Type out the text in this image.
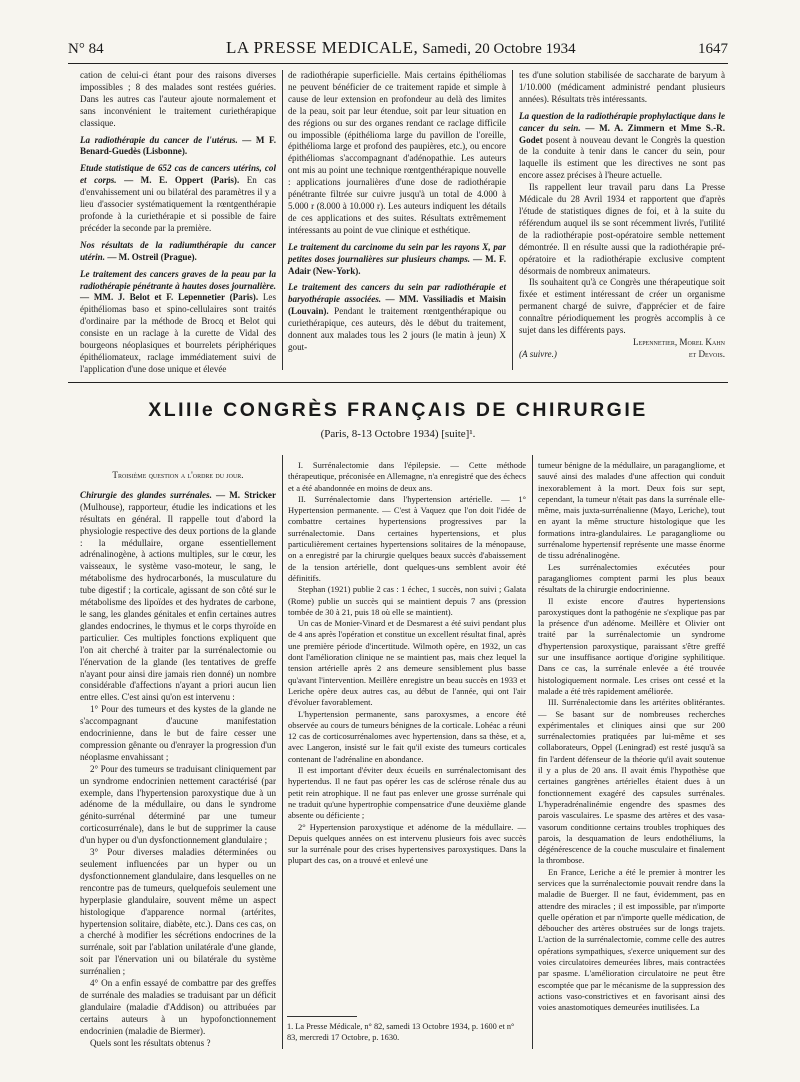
N° 84	LA PRESSE MEDICALE, Samedi, 20 Octobre 1934	1647

cation de celui-ci étant pour des raisons diverses impossibles ; 8 des malades sont restées guéries. Dans les autres cas l'auteur ajoute normalement et sans inconvénient le traitement curiethérapique classique.

La radiothérapie du cancer de l'utérus. — M F. Benard-Guedès (Lisbonne).

Etude statistique de 652 cas de cancers utérins, col et corps. — M. E. Oppert (Paris). En cas d'envahissement uni ou bilatéral des paramètres il y a lieu d'associer systématiquement la rœntgenthérapie profonde à la curiethérapie et si possible de faire précéder la seconde par la première.

Nos résultats de la radiumthérapie du cancer utérin. — M. Ostreil (Prague).

Le traitement des cancers graves de la peau par la radiothérapie pénétrante à hautes doses journalière. — MM. J. Belot et F. Lepennetier (Paris). Les épithéliomas baso et spino-cellulaires sont traités d'ordinaire par la méthode de Brocq et Belot qui consiste en un raclage à la curette de Vidal des bourgeons néoplasiques et bourrelets périphériques épithéliomateux, raclage immédiatement suivi de l'application d'une dose unique et élevée

de radiothérapie superficielle. Mais certains épithéliomas ne peuvent bénéficier de ce traitement rapide et simple à cause de leur extension en profondeur au delà des limites de la peau, soit par leur étendue, soit par leur situation en des régions ou sur des organes rendant ce raclage difficile ou impossible (épithélioma large du pavillon de l'oreille, épithélioma large et profond des paupières, etc.), ou encore épithéliomas s'accompagnant d'adénopathie. Les auteurs ont mis au point une technique rœntgenthérapique nouvelle : applications journalières d'une dose de radiothérapie pénétrante filtrée sur cuivre jusqu'à un total de 4.000 à 5.000 r (8.000 à 10.000 r). Les auteurs indiquent les détails de ces applications et des suites. Résultats extrêmement intéressants au point de vue clinique et esthétique.

Le traitement du carcinome du sein par les rayons X, par petites doses journalières sur plusieurs champs. — M. F. Adair (New-York).

Le traitement des cancers du sein par radiothérapie et baryothérapie associées. — MM. Vassiliadis et Maisin (Louvain). Pendant le traitement rœntgenthérapique ou curiethérapique, ces auteurs, dès le début du traitement, donnent aux malades tous les 2 jours (le matin à jeun) X gout-

tes d'une solution stabilisée de saccharate de baryum à 1/10.000 (médicament administré pendant plusieurs années). Résultats très intéressants.

La question de la radiothérapie prophylactique dans le cancer du sein. — M. A. Zimmern et Mme S.-R. Godet posent à nouveau devant le Congrès la question de la conduite à tenir dans le cancer du sein, pour laquelle ils estiment que les directives ne sont pas encore assez précises à l'heure actuelle.

Ils rappellent leur travail paru dans La Presse Médicale du 28 Avril 1934 et rapportent que d'après l'étude de statistiques dignes de foi, et à la suite du référendum auquel ils se sont récemment livrés, l'utilité de la radiothérapie post-opératoire semble nettement démontrée. Il en résulte aussi que la radiothérapie pré-opératoire et la radiothérapie exclusive comptent désormais de nombreux animateurs.

Ils souhaitent qu'à ce Congrès une thérapeutique soit fixée et estiment intéressant de créer un organisme permanent chargé de suivre, d'apprécier et de faire connaître périodiquement les progrès accomplis à ce sujet dans les différents pays.

Lepennetier, Morel Kahn

(A suivre.)	et Devois.

XLIIIe CONGRÈS FRANÇAIS DE CHIRURGIE
(Paris, 8-13 Octobre 1934) [suite]¹.

Troisième question a l'ordre du jour.

Chirurgie des glandes surrénales. — M. Stricker (Mulhouse), rapporteur, étudie les indications et les résultats en général. Il rappelle tout d'abord la physiologie respective des deux portions de la glande : la médullaire, organe essentiellement adrénalinogène, à actions multiples, sur le cœur, les vaisseaux, le système vaso-moteur, le sang, le métabolisme des hydrocarbonés, la musculature du tube digestif ; la corticale, agissant de son côté sur le métabolisme des lipoïdes et des hydrates de carbone, le sang, les glandes génitales et enfin certaines autres glandes endocrines, le thymus et le corps thyroïde en particulier. Ces multiples fonctions expliquent que l'on ait cherché à traiter par la surrénalectomie ou l'énervation de la glande (les tentatives de greffe n'ayant pour ainsi dire jamais rien donné) un nombre considérable d'affections n'ayant a priori aucun lien entre elles. C'est ainsi qu'on est intervenu :

1° Pour des tumeurs et des kystes de la glande ne s'accompagnant d'aucune manifestation endocrinienne, dans le but de faire cesser une compression gênante ou d'enrayer la progression d'un néoplasme envahissant ;

2° Pour des tumeurs se traduisant cliniquement par un syndrome endocrinien nettement caractérisé (par exemple, dans l'hypertension paroxystique due à un adénome de la médullaire, ou dans le syndrome génito-surrénal déterminé par une tumeur corticosurrénale), dans le but de supprimer la cause d'un hyper ou d'un dysfonctionnement glandulaire ;

3° Pour diverses maladies déterminées ou seulement influencées par un hyper ou un dysfonctionnement glandulaire, dans lesquelles on ne rencontre pas de tumeurs, quelquefois seulement une hyperplasie glandulaire, souvent même un aspect histologique d'apparence normal (artérites, hypertension solitaire, diabète, etc.). Dans ces cas, on a cherché à modifier les sécrétions endocrines de la surrénale, soit par l'ablation unilatérale d'une glande, soit par l'énervation uni ou bilatérale du système surrénalien ;

4° On a enfin essayé de combattre par des greffes de surrénale des maladies se traduisant par un déficit glandulaire (maladie d'Addison) ou attribuées par certains auteurs à un hypofonctionnement endocrinien (maladie de Biermer).

Quels sont les résultats obtenus ?

I. Surrénalectomie dans l'épilepsie. — Cette méthode thérapeutique, préconisée en Allemagne, n'a enregistré que des échecs et a été abandonnée en moins de deux ans.

II. Surrénalectomie dans l'hypertension artérielle. — 1° Hypertension permanente. — C'est à Vaquez que l'on doit l'idée de combattre certaines hypertensions progressives par la surrénalectomie. Dans certaines hypertensions, et plus particulièrement certaines hypertensions solitaires de la ménopause, on a enregistré par la chirurgie quelques beaux succès d'abaissement de la tension artérielle, dont quelques-uns semblent avoir été définitifs.

Stephan (1921) publie 2 cas : 1 échec, 1 succès, non suivi ; Galata (Rome) publie un succès qui se maintient depuis 7 ans (pression tombée de 30 à 21, puis 18 où elle se maintient).

Un cas de Monier-Vinard et de Desmarest a été suivi pendant plus de 4 ans après l'opération et constitue un excellent résultat final, après une première période d'incertitude. Wilmoth opère, en 1932, un cas dont l'amélioration clinique ne se maintient pas, mais chez lequel la tension artérielle après 2 ans demeure sensiblement plus basse qu'avant l'intervention. Meillère enregistre un beau succès en 1933 et Leriche opère deux autres cas, au début de l'année, qui ont l'air d'évoluer favorablement.

L'hypertension permanente, sans paroxysmes, a encore été observée au cours de tumeurs bénignes de la corticale. Lohéac a réuni 12 cas de corticosurrénalomes avec hypertension, dans sa thèse, et a, avec Langeron, insisté sur le fait qu'il existe des tumeurs corticales contenant de l'adrénaline en abondance.

Il est important d'éviter deux écueils en surrénalectomisant des hypertendus. Il ne faut pas opérer les cas de sclérose rénale dus au petit rein atrophique. Il ne faut pas enlever une grosse surrénale qui ne traduit qu'une hypertrophie compensatrice d'une deuxième glande absente ou déficiente ;

2° Hypertension paroxystique et adénome de la médullaire. — Depuis quelques années on est intervenu plusieurs fois avec succès sur la surrénale pour des crises hypertensives paroxystiques. Dans la plupart des cas, on a trouvé et enlevé une

1. La Presse Médicale, n° 82, samedi 13 Octobre 1934, p. 1600 et n° 83, mercredi 17 Octobre, p. 1630.

tumeur bénigne de la médullaire, un paragangliome, et sauvé ainsi des malades d'une affection qui conduit inexorablement à la mort. Deux fois sur sept, cependant, la tumeur n'était pas dans la surrénale elle-même, mais juxta-surrénalienne (Mayo, Leriche), tout en ayant la même structure histologique que les formations intra-glandulaires. Le paragangliome ou surrénalome hypertensif représente une masse énorme de tissu adrénalinogène.

Les surrénalectomies exécutées pour paragangliomes comptent parmi les plus beaux résultats de la chirurgie endocrinienne.

Il existe encore d'autres hypertensions paroxystiques dont la pathogénie ne s'explique pas par la présence d'un adénome. Meillère et Olivier ont traité par la surrénalectomie un syndrome d'hypertension paroxystique, paraissant s'être greffé sur une insuffisance aortique d'origine syphilitique. Dans ce cas, la surrénale enlevée a été trouvée histologiquement normale. Les crises ont cessé et la malade a été très rapidement améliorée.

III. Surrénalectomie dans les artérites oblitérantes. — Se basant sur de nombreuses recherches expérimentales et cliniques ainsi que sur 200 surrénalectomies pratiquées par lui-même et ses collaborateurs, Oppel (Leningrad) est resté jusqu'à sa fin l'ardent défenseur de la théorie qu'il avait soutenue il y a plus de 20 ans. Il avait émis l'hypothèse que certaines gangrènes artérielles étaient dues à un fonctionnement exagéré des capsules surrénales. L'hyperadrénalinémie engendre des spasmes des parois vasculaires. Le spasme des artères et des vasa-vasorum conditionne certains troubles trophiques des parois, la desquamation de leurs endothéliums, la dégénérescence de la couche musculaire et finalement la thrombose.

En France, Leriche a été le premier à montrer les services que la surrénalectomie pouvait rendre dans la maladie de Buerger. Il ne faut, évidemment, pas en attendre des miracles ; il est impossible, par n'importe quelle opération et par n'importe quelle médication, de déboucher des artères obstruées sur de longs trajets. L'action de la surrénalectomie, comme celle des autres opérations sympathiques, s'exerce uniquement sur des voies circulatoires demeurées libres, mais contractées par spasme. L'amélioration circulatoire ne peut être escomptée que par le mécanisme de la suppression des actions vaso-constrictives et en favorisant ainsi des voies anastomotiques demeurées inutilisées. La
